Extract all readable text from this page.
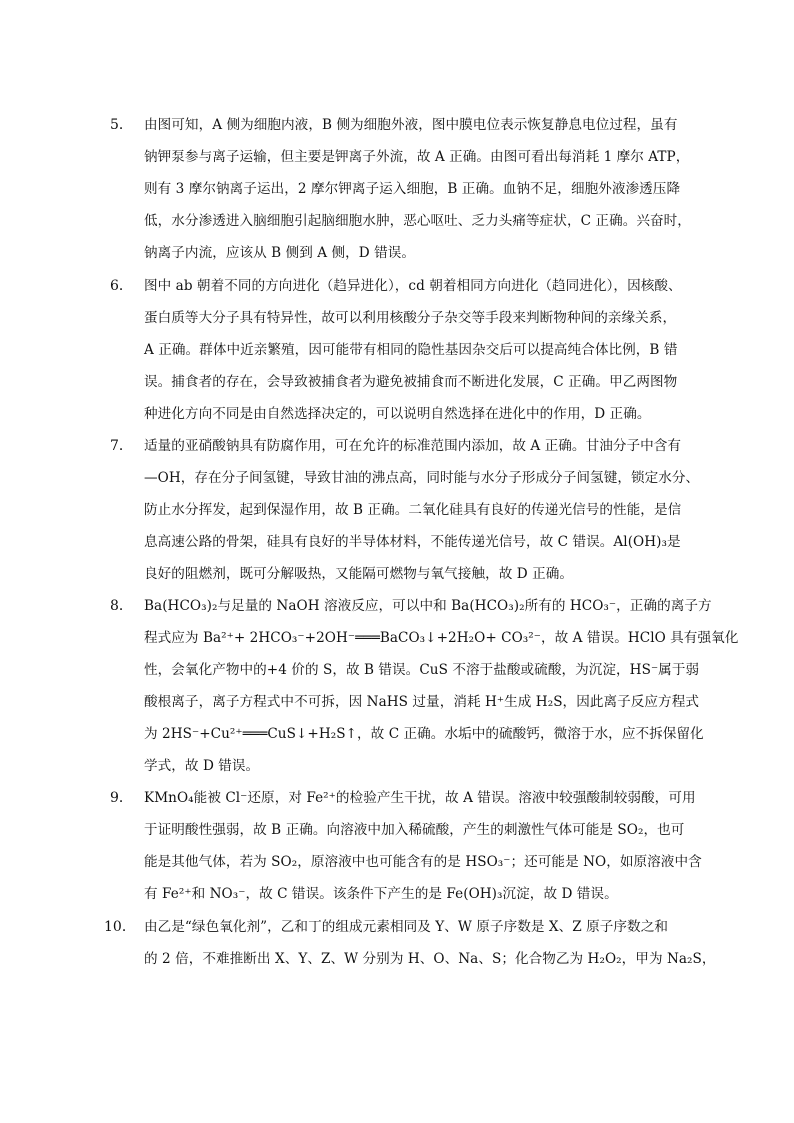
5． 由图可知，A 侧为细胞内液，B 侧为细胞外液，图中膜电位表示恢复静息电位过程，虽有
钠钾泵参与离子运输，但主要是钾离子外流，故 A 正确。由图可看出每消耗 1 摩尔 ATP，
则有 3 摩尔钠离子运出，2 摩尔钾离子运入细胞，B 正确。血钠不足，细胞外液渗透压降
低，水分渗透进入脑细胞引起脑细胞水肿，恶心呕吐、乏力头痛等症状，C 正确。兴奋时，
钠离子内流，应该从 B 侧到 A 侧，D 错误。
6． 图中 ab 朝着不同的方向进化（趋异进化），cd 朝着相同方向进化（趋同进化），因核酸、
蛋白质等大分子具有特异性，故可以利用核酸分子杂交等手段来判断物种间的亲缘关系，
A 正确。群体中近亲繁殖，因可能带有相同的隐性基因杂交后可以提高纯合体比例，B 错
误。捕食者的存在，会导致被捕食者为避免被捕食而不断进化发展，C 正确。甲乙两图物
种进化方向不同是由自然选择决定的，可以说明自然选择在进化中的作用，D 正确。
7． 适量的亚硝酸钠具有防腐作用，可在允许的标准范围内添加，故 A 正确。甘油分子中含有
—OH，存在分子间氢键，导致甘油的沸点高，同时能与水分子形成分子间氢键，锁定水分、
防止水分挥发，起到保湿作用，故 B 正确。二氧化硅具有良好的传递光信号的性能，是信
息高速公路的骨架，硅具有良好的半导体材料，不能传递光信号，故 C 错误。Al(OH)₃是
良好的阻燃剂，既可分解吸热，又能隔可燃物与氧气接触，故 D 正确。
8． Ba(HCO₃)₂与足量的 NaOH 溶液反应，可以中和 Ba(HCO₃)₂所有的 HCO₃⁻，正确的离子方
程式应为 Ba²⁺+ 2HCO₃⁻+2OH⁻═══BaCO₃↓+2H₂O+ CO₃²⁻，故 A 错误。HClO 具有强氧化
性，会氧化产物中的+4 价的 S，故 B 错误。CuS 不溶于盐酸或硫酸，为沉淀，HS⁻属于弱
酸根离子，离子方程式中不可拆，因 NaHS 过量，消耗 H⁺生成 H₂S，因此离子反应方程式
为 2HS⁻+Cu²⁺═══CuS↓+H₂S↑，故 C 正确。水垢中的硫酸钙，微溶于水，应不拆保留化
学式，故 D 错误。
9． KMnO₄能被 Cl⁻还原，对 Fe²⁺的检验产生干扰，故 A 错误。溶液中较强酸制较弱酸，可用
于证明酸性强弱，故 B 正确。向溶液中加入稀硫酸，产生的刺激性气体可能是 SO₂，也可
能是其他气体，若为 SO₂，原溶液中也可能含有的是 HSO₃⁻；还可能是 NO，如原溶液中含
有 Fe²⁺和 NO₃⁻，故 C 错误。该条件下产生的是 Fe(OH)₃沉淀，故 D 错误。
10． 由乙是“绿色氧化剂”，乙和丁的组成元素相同及 Y、W 原子序数是 X、Z 原子序数之和
的 2 倍，不难推断出 X、Y、Z、W 分别为 H、O、Na、S；化合物乙为 H₂O₂，甲为 Na₂S，
